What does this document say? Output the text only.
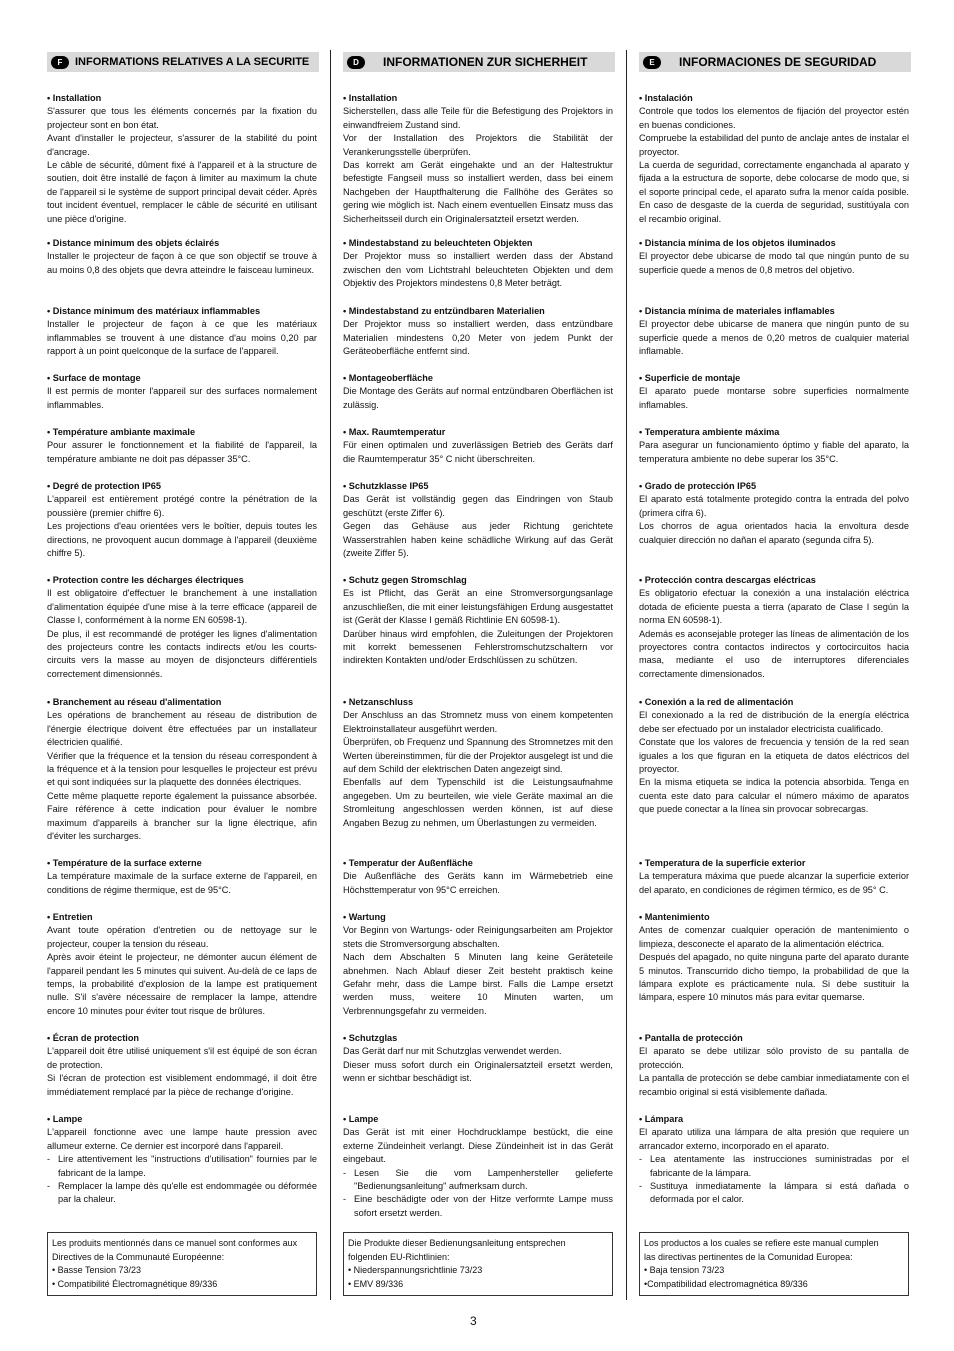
F	INFORMATIONS RELATIVES A LA SECURITE
• Installation
S'assurer que tous les éléments concernés par la fixation du projecteur sont en bon état.
Avant d'installer le projecteur, s'assurer de la stabilité du point d'ancrage.
Le câble de sécurité, dûment fixé à l'appareil et à la structure de soutien, doit être installé de façon à limiter au maximum la chute de l'appareil si le système de support principal devait céder. Après tout incident éventuel, remplacer le câble de sécurité en utilisant une pièce d'origine.
• Distance minimum des objets éclairés
Installer le projecteur de façon à ce que son objectif se trouve à au moins 0,8 des objets que devra atteindre le faisceau lumineux.
• Distance minimum des matériaux inflammables
Installer le projecteur de façon à ce que les matériaux inflammables se trouvent à une distance d'au moins 0,20 par rapport à un point quelconque de la surface de l'appareil.
• Surface de montage
Il est permis de monter l'appareil sur des surfaces normalement inflammables.
• Température ambiante maximale
Pour assurer le fonctionnement et la fiabilité de l'appareil, la température ambiante ne doit pas dépasser 35°C.
• Degré de protection IP65
L'appareil est entièrement protégé contre la pénétration de la poussière (premier chiffre 6).
Les projections d'eau orientées vers le boîtier, depuis toutes les directions, ne provoquent aucun dommage à l'appareil (deuxième chiffre 5).
• Protection contre les décharges électriques
Il est obligatoire d'effectuer le branchement à une installation d'alimentation équipée d'une mise à la terre efficace (appareil de Classe I, conformément à la norme EN 60598-1).
De plus, il est recommandé de protéger les lignes d'alimentation des projecteurs contre les contacts indirects et/ou les courts-circuits vers la masse au moyen de disjoncteurs différentiels correctement dimensionnés.
• Branchement au réseau d'alimentation
Les opérations de branchement au réseau de distribution de l'énergie électrique doivent être effectuées par un installateur électricien qualifié.
Vérifier que la fréquence et la tension du réseau correspondent à la fréquence et à la tension pour lesquelles le projecteur est prévu et qui sont indiquées sur la plaquette des données électriques.
Cette même plaquette reporte également la puissance absorbée. Faire référence à cette indication pour évaluer le nombre maximum d'appareils à brancher sur la ligne électrique, afin d'éviter les surcharges.
• Température de la surface externe
La température maximale de la surface externe de l'appareil, en conditions de régime thermique, est de 95°C.
• Entretien
Avant toute opération d'entretien ou de nettoyage sur le projecteur, couper la tension du réseau.
Après avoir éteint le projecteur, ne démonter aucun élément de l'appareil pendant les 5 minutes qui suivent. Au-delà de ce laps de temps, la probabilité d'explosion de la lampe est pratiquement nulle. S'il s'avère nécessaire de remplacer la lampe, attendre encore 10 minutes pour éviter tout risque de brûlures.
• Écran de protection
L'appareil doit être utilisé uniquement s'il est équipé de son écran de protection.
Si l'écran de protection est visiblement endommagé, il doit être immédiatement remplacé par la pièce de rechange d'origine.
• Lampe
L'appareil fonctionne avec une lampe haute pression avec allumeur externe. Ce dernier est incorporé dans l'appareil.
- Lire attentivement les "instructions d'utilisation" fournies par le fabricant de la lampe.
- Remplacer la lampe dès qu'elle est endommagée ou déformée par la chaleur.
Les produits mentionnés dans ce manuel sont conformes aux
Directives de la Communauté Européenne:
• Basse Tension 73/23
• Compatibilité Électromagnétique 89/336
D	INFORMATIONEN ZUR SICHERHEIT
• Installation
Sicherstellen, dass alle Teile für die Befestigung des Projektors in einwandfreiem Zustand sind.
Vor der Installation des Projektors die Stabilität der Verankerungsstelle überprüfen.
Das korrekt am Gerät eingehakte und an der Haltestruktur befestigte Fangseil muss so installiert werden, dass bei einem Nachgeben der Hauptfhalterung die Fallhöhe des Gerätes so gering wie möglich ist. Nach einem eventuellen Einsatz muss das Sicherheitsseil durch ein Originalersatzteil ersetzt werden.
• Mindestabstand zu beleuchteten Objekten
Der Projektor muss so installiert werden dass der Abstand zwischen den vom Lichtstrahl beleuchteten Objekten und dem Objektiv des Projektors mindestens 0,8 Meter beträgt.
• Mindestabstand zu entzündbaren Materialien
Der Projektor muss so installiert werden, dass entzündbare Materialien mindestens 0,20 Meter von jedem Punkt der Geräteoberfläche entfernt sind.
• Montageoberfläche
Die Montage des Geräts auf normal entzündbaren Oberflächen ist zulässig.
• Max. Raumtemperatur
Für einen optimalen und zuverlässigen Betrieb des Geräts darf die Raumtemperatur 35° C nicht überschreiten.
• Schutzklasse IP65
Das Gerät ist vollständig gegen das Eindringen von Staub geschützt (erste Ziffer 6).
Gegen das Gehäuse aus jeder Richtung gerichtete Wasserstrahlen haben keine schädliche Wirkung auf das Gerät (zweite Ziffer 5).
• Schutz gegen Stromschlag
Es ist Pflicht, das Gerät an eine Stromversorgungsanlage anzuschließen, die mit einer leistungsfähigen Erdung ausgestattet ist (Gerät der Klasse I gemäß Richtlinie EN 60598-1).
Darüber hinaus wird empfohlen, die Zuleitungen der Projektoren mit korrekt bemessenen Fehlerstromschutzschaltern vor indirekten Kontakten und/oder Erdschlüssen zu schützen.
• Netzanschluss
Der Anschluss an das Stromnetz muss von einem kompetenten Elektroinstallateur ausgeführt werden.
Überprüfen, ob Frequenz und Spannung des Stromnetzes mit den Werten übereinstimmen, für die der Projektor ausgelegt ist und die auf dem Schild der elektrischen Daten angezeigt sind.
Ebenfalls auf dem Typenschild ist die Leistungsaufnahme angegeben. Um zu beurteilen, wie viele Geräte maximal an die Stromleitung angeschlossen werden können, ist auf diese Angaben Bezug zu nehmen, um Überlastungen zu vermeiden.
• Temperatur der Außenfläche
Die Außenfläche des Geräts kann im Wärmebetrieb eine Höchsttemperatur von 95°C erreichen.
• Wartung
Vor Beginn von Wartungs- oder Reinigungsarbeiten am Projektor stets die Stromversorgung abschalten.
Nach dem Abschalten 5 Minuten lang keine Geräteteile abnehmen. Nach Ablauf dieser Zeit besteht praktisch keine Gefahr mehr, dass die Lampe birst. Falls die Lampe ersetzt werden muss, weitere 10 Minuten warten, um Verbrennungsgefahr zu vermeiden.
• Schutzglas
Das Gerät darf nur mit Schutzglas verwendet werden.
Dieser muss sofort durch ein Originalersatzteil ersetzt werden, wenn er sichtbar beschädigt ist.
• Lampe
Das Gerät ist mit einer Hochdrucklampe bestückt, die eine externe Zündeinheit verlangt. Diese Zündeinheit ist in das Gerät eingebaut.
- Lesen Sie die vom Lampenhersteller gelieferte "Bedienungsanleitung" aufmerksam durch.
- Eine beschädigte oder von der Hitze verformte Lampe muss sofort ersetzt werden.
Die Produkte dieser Bedienungsanleitung entsprechen
folgenden EU-Richtlinien:
• Niederspannungsrichtlinie 73/23
• EMV 89/336
E	INFORMACIONES DE SEGURIDAD
• Instalación
Controle que todos los elementos de fijación del proyector estén en buenas condiciones.
Compruebe la estabilidad del punto de anclaje antes de instalar el proyector.
La cuerda de seguridad, correctamente enganchada al aparato y fijada a la estructura de soporte, debe colocarse de modo que, si el soporte principal cede, el aparato sufra la menor caída posible. En caso de desgaste de la cuerda de seguridad, sustitúyala con el recambio original.
• Distancia mínima de los objetos iluminados
El proyector debe ubicarse de modo tal que ningún punto de su superficie quede a menos de 0,8 metros del objetivo.
• Distancia mínima de materiales inflamables
El proyector debe ubicarse de manera que ningún punto de su superficie quede a menos de 0,20 metros de cualquier material inflamable.
• Superficie de montaje
El aparato puede montarse sobre superficies normalmente inflamables.
• Temperatura ambiente máxima
Para asegurar un funcionamiento óptimo y fiable del aparato, la temperatura ambiente no debe superar los 35°C.
• Grado de protección IP65
El aparato está totalmente protegido contra la entrada del polvo (primera cifra 6).
Los chorros de agua orientados hacia la envoltura desde cualquier dirección no dañan el aparato (segunda cifra 5).
• Protección contra descargas eléctricas
Es obligatorio efectuar la conexión a una instalación eléctrica dotada de eficiente puesta a tierra (aparato de Clase I según la norma EN 60598-1).
Además es aconsejable proteger las líneas de alimentación de los proyectores contra contactos indirectos y cortocircuitos hacia masa, mediante el uso de interruptores diferenciales correctamente dimensionados.
• Conexión a la red de alimentación
El conexionado a la red de distribución de la energía eléctrica debe ser efectuado por un instalador electricista cualificado.
Constate que los valores de frecuencia y tensión de la red sean iguales a los que figuran en la etiqueta de datos eléctricos del proyector.
En la misma etiqueta se indica la potencia absorbida. Tenga en cuenta este dato para calcular el número máximo de aparatos que puede conectar a la línea sin provocar sobrecargas.
• Temperatura de la superficie exterior
La temperatura máxima que puede alcanzar la superficie exterior del aparato, en condiciones de régimen térmico, es de 95° C.
• Mantenimiento
Antes de comenzar cualquier operación de mantenimiento o limpieza, desconecte el aparato de la alimentación eléctrica.
Después del apagado, no quite ninguna parte del aparato durante 5 minutos. Transcurrido dicho tiempo, la probabilidad de que la lámpara explote es prácticamente nula. Si debe sustituir la lámpara, espere 10 minutos más para evitar quemarse.
• Pantalla de protección
El aparato se debe utilizar sólo provisto de su pantalla de protección.
La pantalla de protección se debe cambiar inmediatamente con el recambio original si está visiblemente dañada.
• Lámpara
El aparato utiliza una lámpara de alta presión que requiere un arrancador externo, incorporado en el aparato.
- Lea atentamente las instrucciones suministradas por el fabricante de la lámpara.
- Sustituya inmediatamente la lámpara si está dañada o deformada por el calor.
Los productos a los cuales se refiere este manual cumplen
las directivas pertinentes de la Comunidad Europea:
• Baja tension 73/23
•Compatibilidad electromagnética 89/336
3
